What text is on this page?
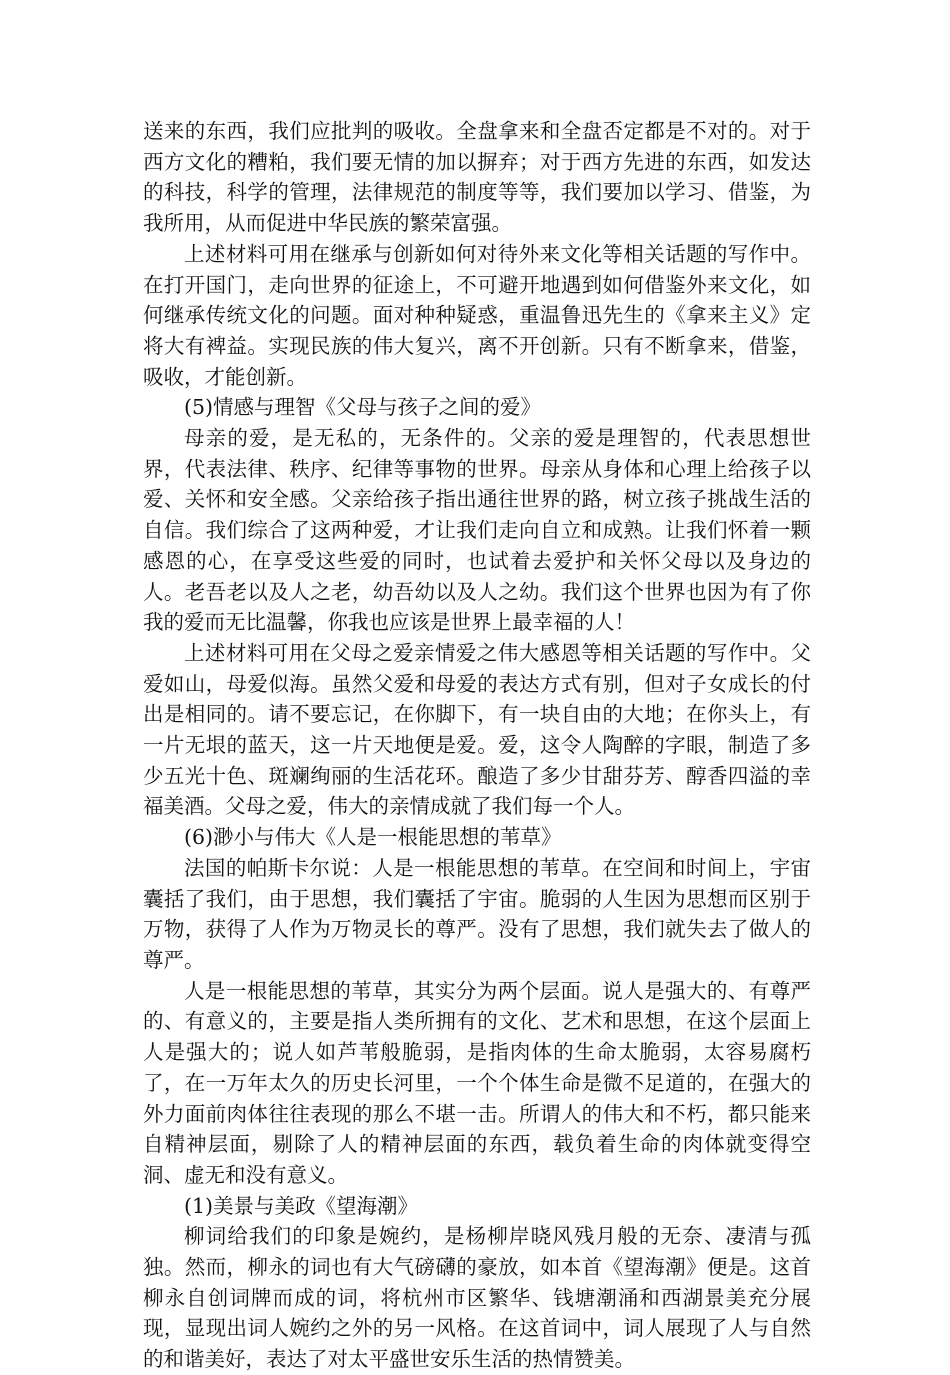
送来的东西，我们应批判的吸收。全盘拿来和全盘否定都是不对的。对于西方文化的糟粕，我们要无情的加以摒弃；对于西方先进的东西，如发达的科技，科学的管理，法律规范的制度等等，我们要加以学习、借鉴，为我所用，从而促进中华民族的繁荣富强。

上述材料可用在继承与创新如何对待外来文化等相关话题的写作中。在打开国门，走向世界的征途上，不可避开地遇到如何借鉴外来文化，如何继承传统文化的问题。面对种种疑惑，重温鲁迅先生的《拿来主义》定将大有裨益。实现民族的伟大复兴，离不开创新。只有不断拿来，借鉴，吸收，才能创新。

(5)情感与理智《父母与孩子之间的爱》

母亲的爱，是无私的，无条件的。父亲的爱是理智的，代表思想世界，代表法律、秩序、纪律等事物的世界。母亲从身体和心理上给孩子以爱、关怀和安全感。父亲给孩子指出通往世界的路，树立孩子挑战生活的自信。我们综合了这两种爱，才让我们走向自立和成熟。让我们怀着一颗感恩的心，在享受这些爱的同时，也试着去爱护和关怀父母以及身边的人。老吾老以及人之老，幼吾幼以及人之幼。我们这个世界也因为有了你我的爱而无比温馨，你我也应该是世界上最幸福的人！

上述材料可用在父母之爱亲情爱之伟大感恩等相关话题的写作中。父爱如山，母爱似海。虽然父爱和母爱的表达方式有别，但对子女成长的付出是相同的。请不要忘记，在你脚下，有一块自由的大地；在你头上，有一片无垠的蓝天，这一片天地便是爱。爱，这令人陶醉的字眼，制造了多少五光十色、斑斓绚丽的生活花环。酿造了多少甘甜芬芳、醇香四溢的幸福美酒。父母之爱，伟大的亲情成就了我们每一个人。

(6)渺小与伟大《人是一根能思想的苇草》

法国的帕斯卡尔说：人是一根能思想的苇草。在空间和时间上，宇宙囊括了我们，由于思想，我们囊括了宇宙。脆弱的人生因为思想而区别于万物，获得了人作为万物灵长的尊严。没有了思想，我们就失去了做人的尊严。

人是一根能思想的苇草，其实分为两个层面。说人是强大的、有尊严的、有意义的，主要是指人类所拥有的文化、艺术和思想，在这个层面上人是强大的；说人如芦苇般脆弱，是指肉体的生命太脆弱，太容易腐朽了，在一万年太久的历史长河里，一个个体生命是微不足道的，在强大的外力面前肉体往往表现的那么不堪一击。所谓人的伟大和不朽，都只能来自精神层面，剔除了人的精神层面的东西，载负着生命的肉体就变得空洞、虚无和没有意义。

(1)美景与美政《望海潮》

柳词给我们的印象是婉约，是杨柳岸晓风残月般的无奈、凄清与孤独。然而，柳永的词也有大气磅礴的豪放，如本首《望海潮》便是。这首柳永自创词牌而成的词，将杭州市区繁华、钱塘潮涌和西湖景美充分展现，显现出词人婉约之外的另一风格。在这首词中，词人展现了人与自然的和谐美好，表达了对太平盛世安乐生活的热情赞美。
